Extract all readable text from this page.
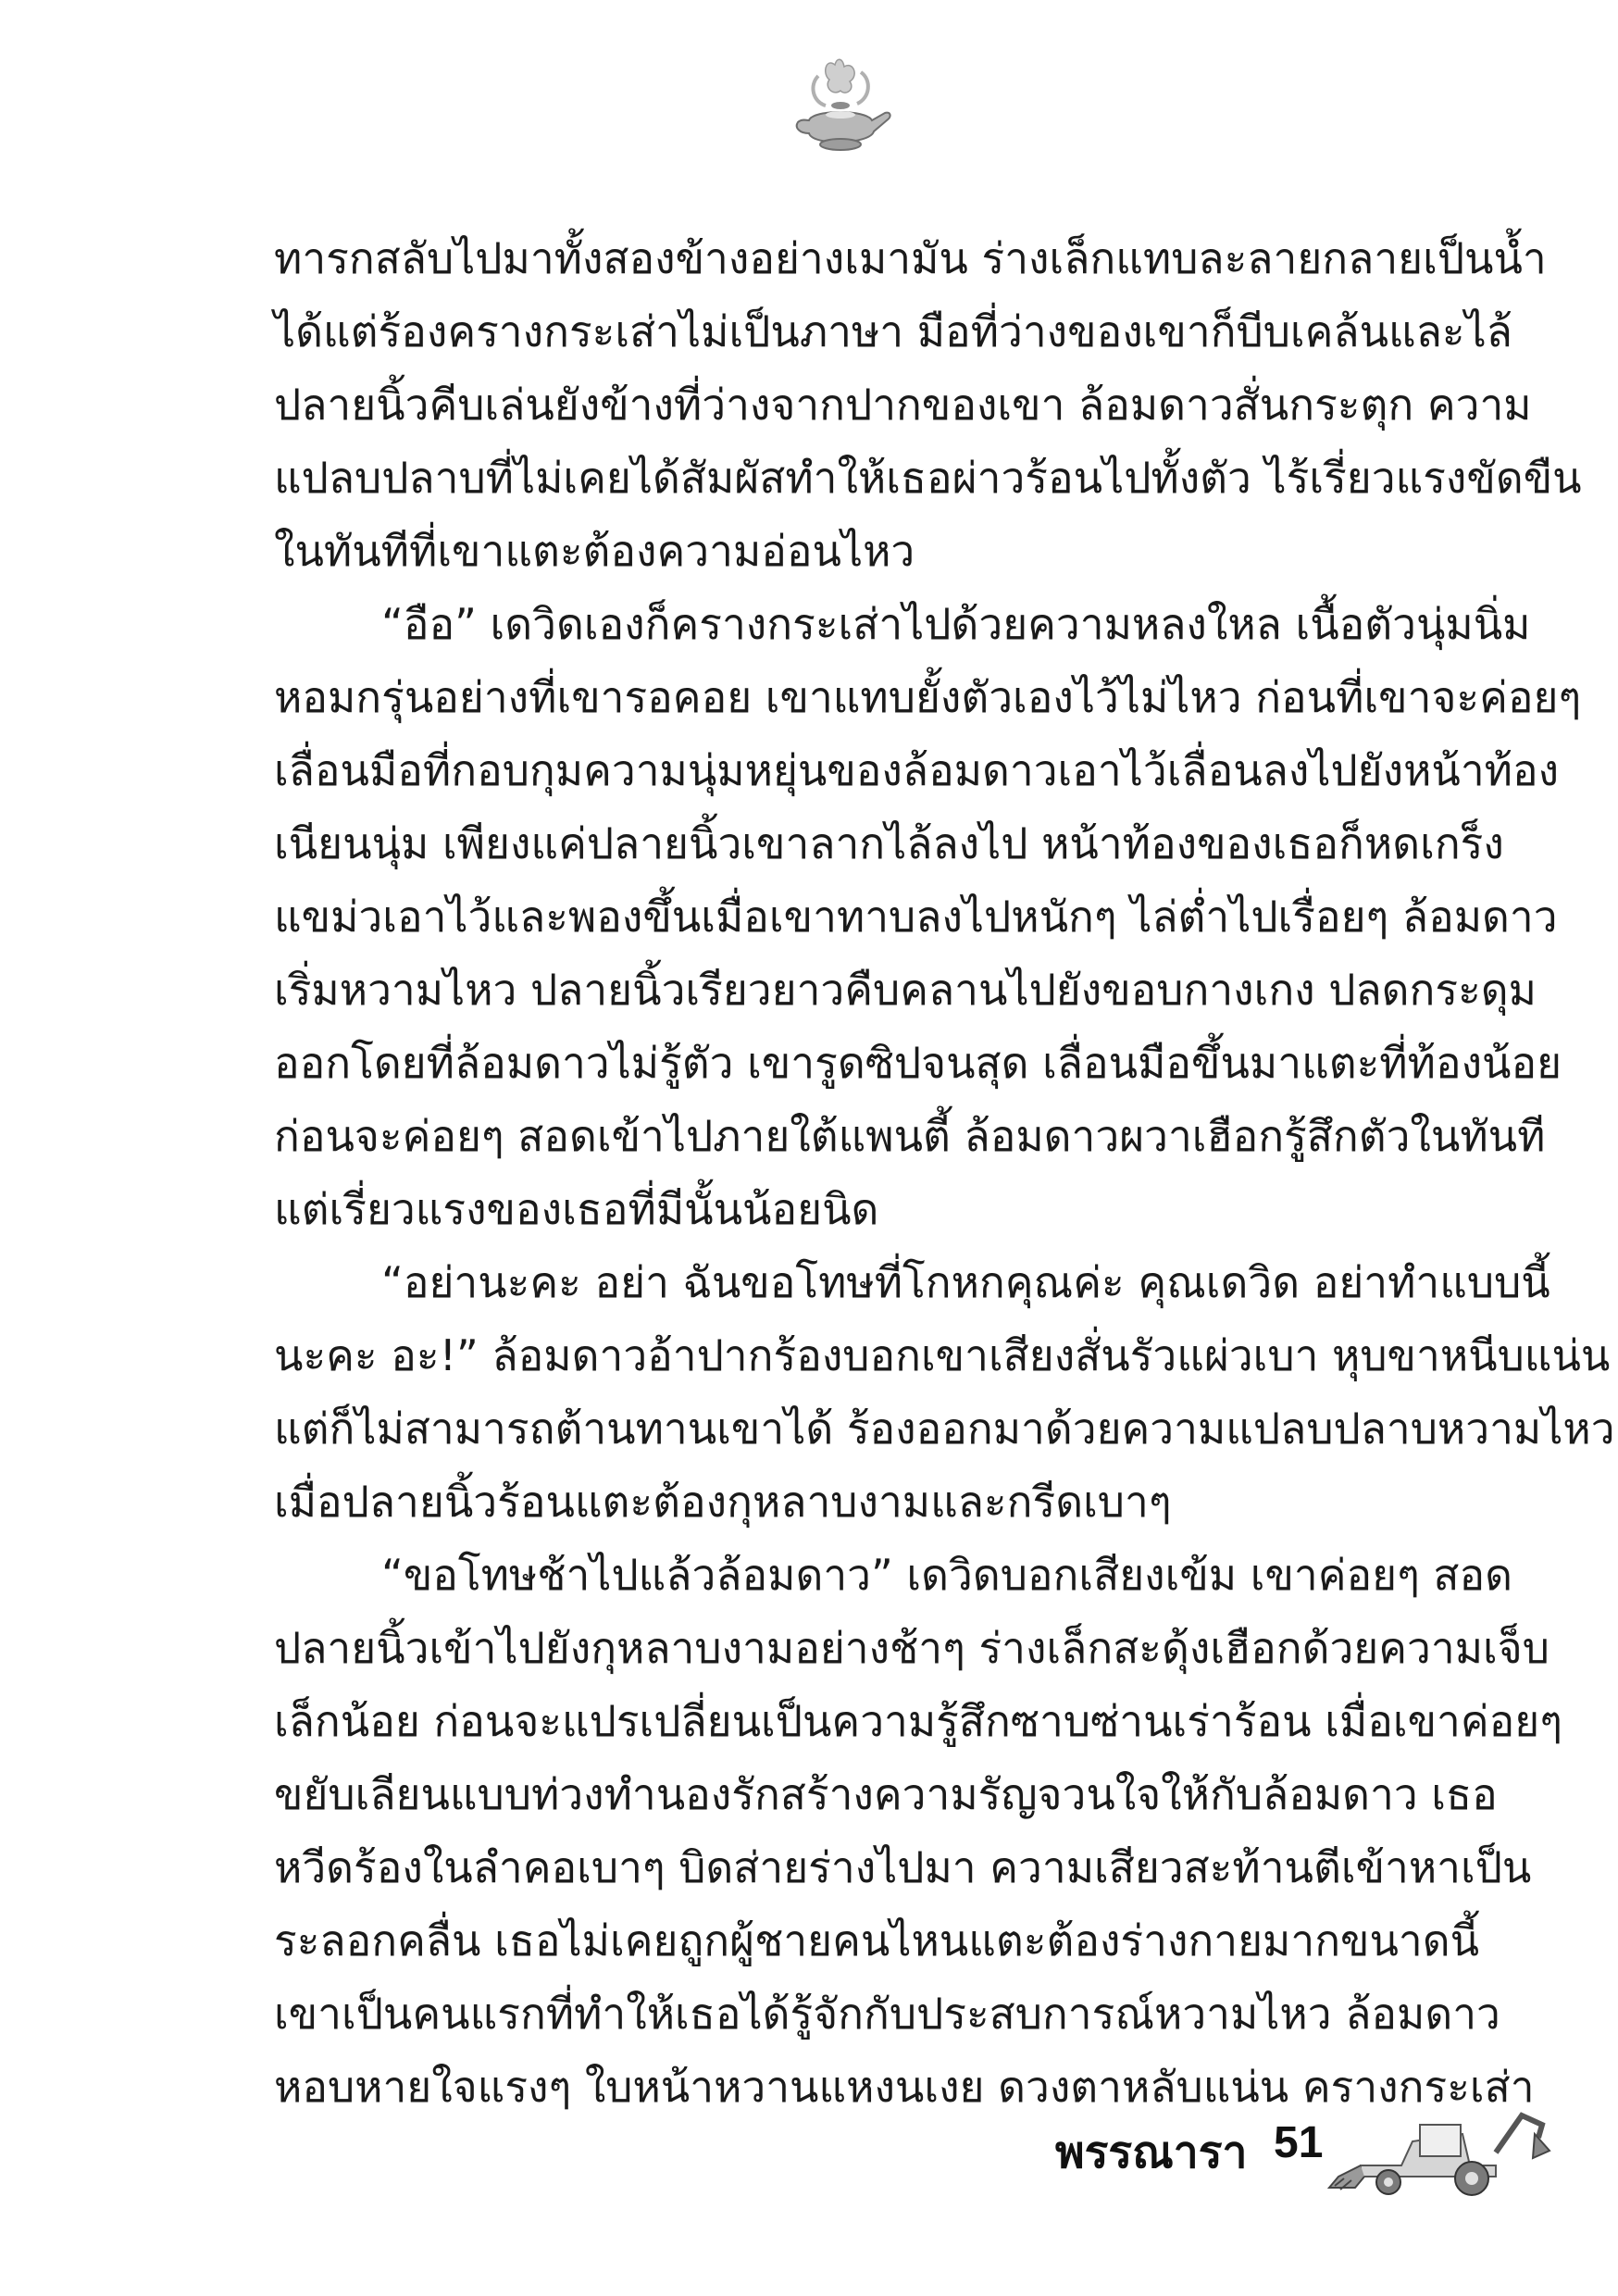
ทารกสลับไปมาทั้งสองข้างอย่างเมามัน ร่างเล็กแทบละลายกลายเป็นน้ำ
ได้แต่ร้องครางกระเส่าไม่เป็นภาษา มือที่ว่างของเขาก็บีบเคล้นและไล้
ปลายนิ้วคีบเล่นยังข้างที่ว่างจากปากของเขา ล้อมดาวสั่นกระตุก ความ
แปลบปลาบที่ไม่เคยได้สัมผัสทำให้เธอผ่าวร้อนไปทั้งตัว ไร้เรี่ยวแรงขัดขืน
ในทันทีที่เขาแตะต้องความอ่อนไหว
“อือ” เดวิดเองก็ครางกระเส่าไปด้วยความหลงใหล เนื้อตัวนุ่มนิ่ม
หอมกรุ่นอย่างที่เขารอคอย เขาแทบยั้งตัวเองไว้ไม่ไหว ก่อนที่เขาจะค่อยๆ
เลื่อนมือที่กอบกุมความนุ่มหยุ่นของล้อมดาวเอาไว้เลื่อนลงไปยังหน้าท้อง
เนียนนุ่ม เพียงแค่ปลายนิ้วเขาลากไล้ลงไป หน้าท้องของเธอก็หดเกร็ง
แขม่วเอาไว้และพองขึ้นเมื่อเขาทาบลงไปหนักๆ ไล่ต่ำไปเรื่อยๆ ล้อมดาว
เริ่มหวามไหว ปลายนิ้วเรียวยาวคืบคลานไปยังขอบกางเกง ปลดกระดุม
ออกโดยที่ล้อมดาวไม่รู้ตัว เขารูดซิปจนสุด เลื่อนมือขึ้นมาแตะที่ท้องน้อย
ก่อนจะค่อยๆ สอดเข้าไปภายใต้แพนตี้ ล้อมดาวผวาเฮือกรู้สึกตัวในทันที
แต่เรี่ยวแรงของเธอที่มีนั้นน้อยนิด
“อย่านะคะ อย่า ฉันขอโทษที่โกหกคุณค่ะ คุณเดวิด อย่าทำแบบนี้
นะคะ อะ!” ล้อมดาวอ้าปากร้องบอกเขาเสียงสั่นรัวแผ่วเบา หุบขาหนีบแน่น
แต่ก็ไม่สามารถต้านทานเขาได้ ร้องออกมาด้วยความแปลบปลาบหวามไหว
เมื่อปลายนิ้วร้อนแตะต้องกุหลาบงามและกรีดเบาๆ
“ขอโทษช้าไปแล้วล้อมดาว” เดวิดบอกเสียงเข้ม เขาค่อยๆ สอด
ปลายนิ้วเข้าไปยังกุหลาบงามอย่างช้าๆ ร่างเล็กสะดุ้งเฮือกด้วยความเจ็บ
เล็กน้อย ก่อนจะแปรเปลี่ยนเป็นความรู้สึกซาบซ่านเร่าร้อน เมื่อเขาค่อยๆ
ขยับเลียนแบบท่วงทำนองรักสร้างความรัญจวนใจให้กับล้อมดาว เธอ
หวีดร้องในลำคอเบาๆ บิดส่ายร่างไปมา ความเสียวสะท้านตีเข้าหาเป็น
ระลอกคลื่น เธอไม่เคยถูกผู้ชายคนไหนแตะต้องร่างกายมากขนาดนี้
เขาเป็นคนแรกที่ทำให้เธอได้รู้จักกับประสบการณ์หวามไหว ล้อมดาว
หอบหายใจแรงๆ ใบหน้าหวานแหงนเงย ดวงตาหลับแน่น ครางกระเส่า
พรรณารา 51
